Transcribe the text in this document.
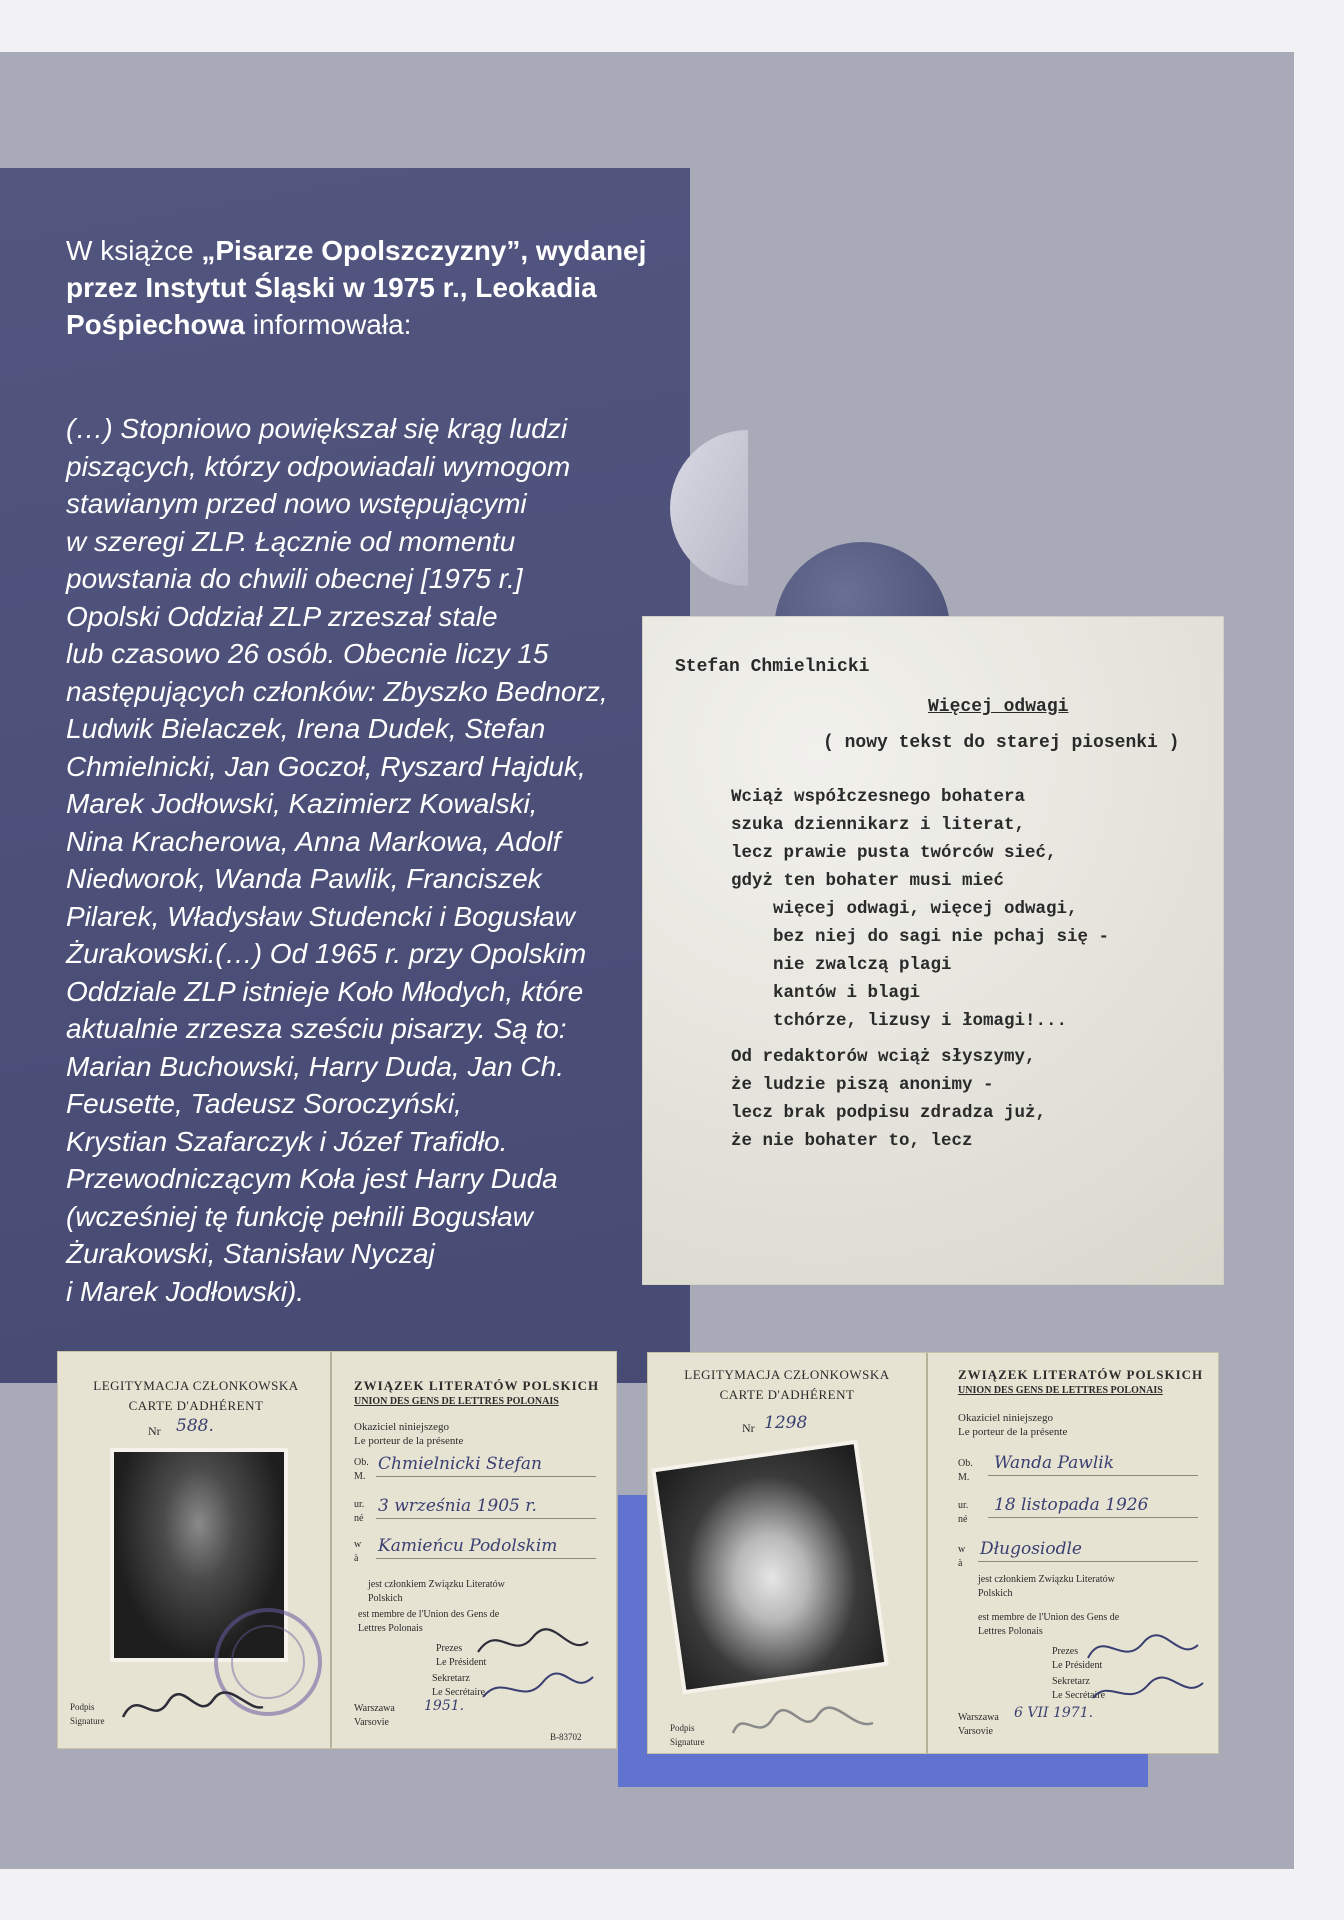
W książce „Pisarze Opolszczyzny”, wydanej przez Instytut Śląski w 1975 r., Leokadia Pośpiechowa informowała:

(…) Stopniowo powiększał się krąg ludzi
piszących, którzy odpowiadali wymogom
stawianym przed nowo wstępującymi
w szeregi ZLP. Łącznie od momentu
powstania do chwili obecnej [1975 r.]
Opolski Oddział ZLP zrzeszał stale
lub czasowo 26 osób. Obecnie liczy 15
następujących członków: Zbyszko Bednorz,
Ludwik Bielaczek, Irena Dudek, Stefan
Chmielnicki, Jan Goczoł, Ryszard Hajduk,
Marek Jodłowski, Kazimierz Kowalski,
Nina Kracherowa, Anna Markowa, Adolf
Niedworok, Wanda Pawlik, Franciszek
Pilarek, Władysław Studencki i Bogusław
Żurakowski.(…) Od 1965 r. przy Opolskim
Oddziale ZLP istnieje Koło Młodych, które
aktualnie zrzesza sześciu pisarzy. Są to:
Marian Buchowski, Harry Duda, Jan Ch.
Feusette, Tadeusz Soroczyński,
Krystian Szafarczyk i Józef Trafidło.
Przewodniczącym Koła jest Harry Duda
(wcześniej tę funkcję pełnili Bogusław
Żurakowski, Stanisław Nyczaj
i Marek Jodłowski).

Stefan Chmielnicki
Więcej odwagi
( nowy tekst do starej piosenki )
Wciąż współczesnego bohatera
szuka dziennikarz i literat,
lecz prawie pusta twórców sieć,
gdyż ten bohater musi mieć
więcej odwagi, więcej odwagi,
bez niej do sagi nie pchaj się -
nie zwalczą plagi
kantów i blagi
tchórze, lizusy i łomagi!...
Od redaktorów wciąż słyszymy,
że ludzie piszą anonimy -
lecz brak podpisu zdradza już,
że nie bohater to, lecz
LEGITYMACJA CZŁONKOWSKA
CARTE D'ADHÉRENT
Nr 588.
Podpis
Signature
ZWIĄZEK LITERATÓW POLSKICH
UNION DES GENS DE LETTRES POLONAIS
Okaziciel niniejszego
Le porteur de la présente
Ob.
M.
Chmielnicki Stefan
ur.
né
3 września 1905 r.
w
à
Kamieńcu Podolskim
jest członkiem Związku Literatów
Polskich
est membre de l'Union des Gens de
Lettres Polonais
Prezes
Le Président
Sekretarz
Le Secrétaire
Warszawa
Varsovie
1951.
B-83702
LEGITYMACJA CZŁONKOWSKA
CARTE D'ADHÉRENT
Nr 1298
Podpis
Signature
ZWIĄZEK LITERATÓW POLSKICH
UNION DES GENS DE LETTRES POLONAIS
Okaziciel niniejszego
Le porteur de la présente
Ob.
M.
Wanda Pawlik
ur.
né
18 listopada 1926
w
à
Długosiodle
jest członkiem Związku Literatów
Polskich
est membre de l'Union des Gens de
Lettres Polonais
Prezes
Le Président
Sekretarz
Le Secrétaire
Warszawa
Varsovie
6 VII 1971.
